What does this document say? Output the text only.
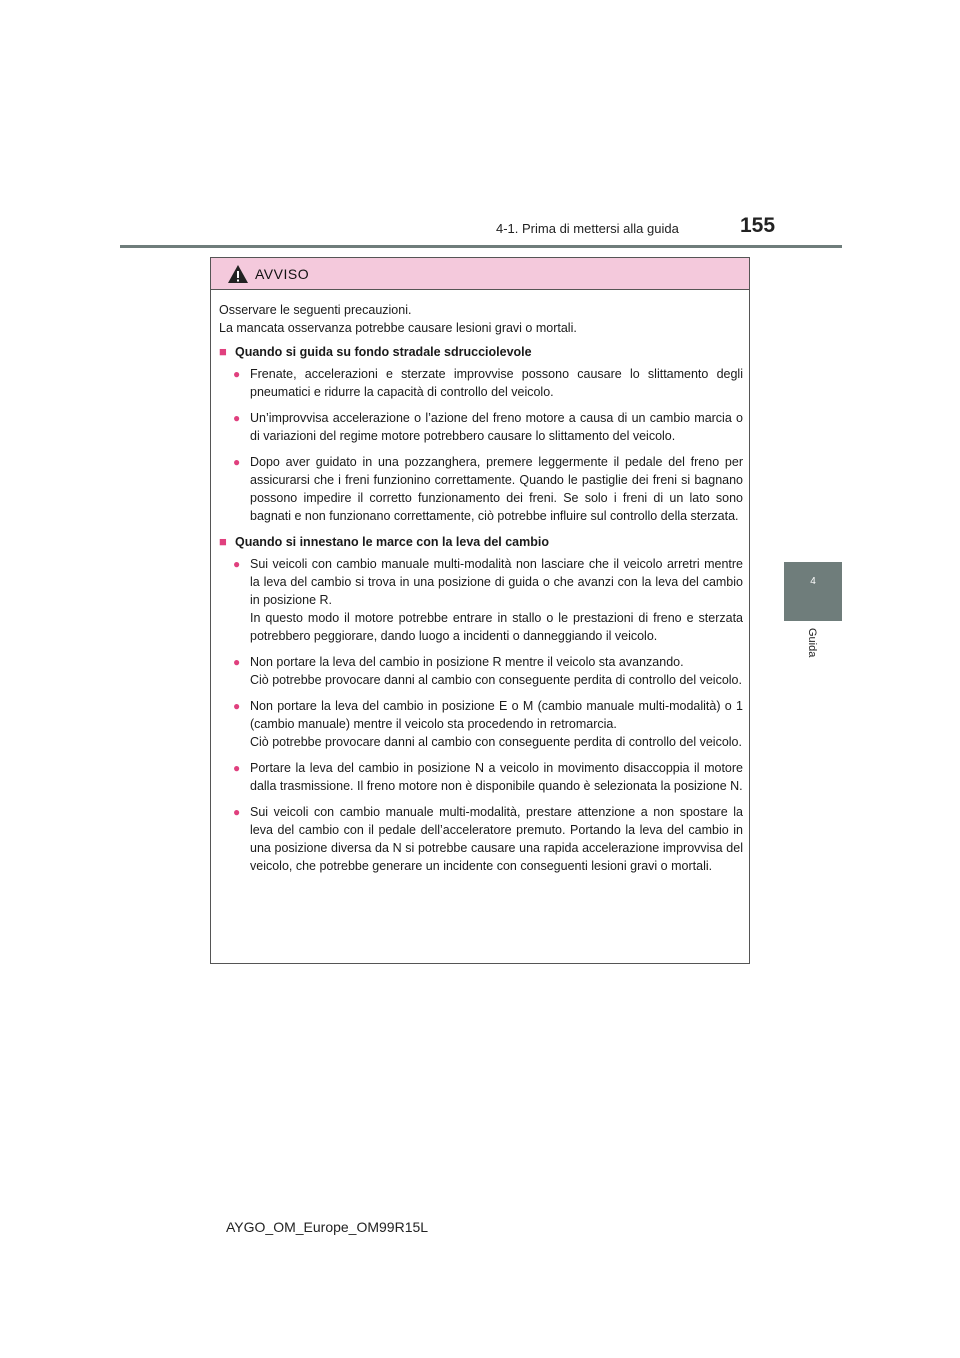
4-1. Prima di mettersi alla guida	155
4
Guida
AVVISO
Osservare le seguenti precauzioni.
La mancata osservanza potrebbe causare lesioni gravi o mortali.
■ Quando si guida su fondo stradale sdrucciolevole
● Frenate, accelerazioni e sterzate improvvise possono causare lo slittamento degli pneumatici e ridurre la capacità di controllo del veicolo.
● Un’improvvisa accelerazione o l’azione del freno motore a causa di un cambio marcia o di variazioni del regime motore potrebbero causare lo slittamento del veicolo.
● Dopo aver guidato in una pozzanghera, premere leggermente il pedale del freno per assicurarsi che i freni funzionino correttamente. Quando le pastiglie dei freni si bagnano possono impedire il corretto funzionamento dei freni. Se solo i freni di un lato sono bagnati e non funzionano correttamente, ciò potrebbe influire sul controllo della sterzata.
■ Quando si innestano le marce con la leva del cambio
● Sui veicoli con cambio manuale multi-modalità non lasciare che il veicolo arretri mentre la leva del cambio si trova in una posizione di guida o che avanzi con la leva del cambio in posizione R.
In questo modo il motore potrebbe entrare in stallo o le prestazioni di freno e sterzata potrebbero peggiorare, dando luogo a incidenti o danneggiando il veicolo.
● Non portare la leva del cambio in posizione R mentre il veicolo sta avanzando.
Ciò potrebbe provocare danni al cambio con conseguente perdita di controllo del veicolo.
● Non portare la leva del cambio in posizione E o M (cambio manuale multi-modalità) o 1 (cambio manuale) mentre il veicolo sta procedendo in retromarcia.
Ciò potrebbe provocare danni al cambio con conseguente perdita di controllo del veicolo.
● Portare la leva del cambio in posizione N a veicolo in movimento disaccoppia il motore dalla trasmissione. Il freno motore non è disponibile quando è selezionata la posizione N.
● Sui veicoli con cambio manuale multi-modalità, prestare attenzione a non spostare la leva del cambio con il pedale dell’acceleratore premuto. Portando la leva del cambio in una posizione diversa da N si potrebbe causare una rapida accelerazione improvvisa del veicolo, che potrebbe generare un incidente con conseguenti lesioni gravi o mortali.
AYGO_OM_Europe_OM99R15L
